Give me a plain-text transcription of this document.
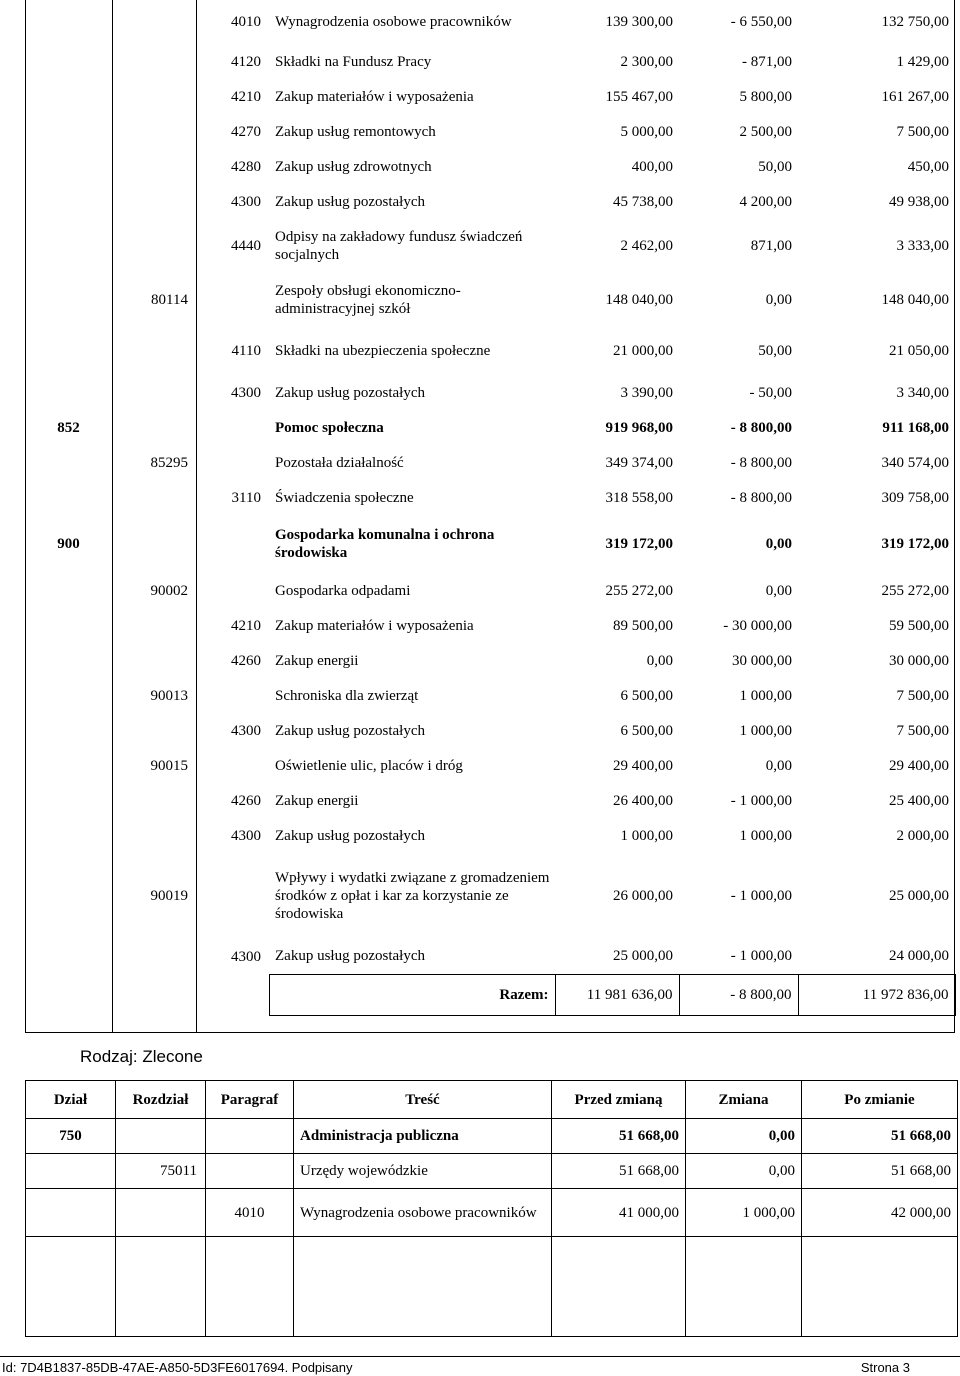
		4010	Wynagrodzenia osobowe pracowników	139 300,00	- 6 550,00	132 750,00
		4120	Składki na Fundusz Pracy	2 300,00	- 871,00	1 429,00
		4210	Zakup materiałów i wyposażenia	155 467,00	5 800,00	161 267,00
		4270	Zakup usług remontowych	5 000,00	2 500,00	7 500,00
		4280	Zakup usług zdrowotnych	400,00	50,00	450,00
		4300	Zakup usług pozostałych	45 738,00	4 200,00	49 938,00
		4440	Odpisy na zakładowy fundusz świadczeń socjalnych	2 462,00	871,00	3 333,00
	80114		Zespoły obsługi ekonomiczno-administracyjnej szkół	148 040,00	0,00	148 040,00
		4110	Składki na ubezpieczenia społeczne	21 000,00	50,00	21 050,00
		4300	Zakup usług pozostałych	3 390,00	- 50,00	3 340,00
852			Pomoc społeczna	919 968,00	- 8 800,00	911 168,00
	85295		Pozostała działalność	349 374,00	- 8 800,00	340 574,00
		3110	Świadczenia społeczne	318 558,00	- 8 800,00	309 758,00
900			Gospodarka komunalna i ochrona środowiska	319 172,00	0,00	319 172,00
	90002		Gospodarka odpadami	255 272,00	0,00	255 272,00
		4210	Zakup materiałów i wyposażenia	89 500,00	- 30 000,00	59 500,00
		4260	Zakup energii	0,00	30 000,00	30 000,00
	90013		Schroniska dla zwierząt	6 500,00	1 000,00	7 500,00
		4300	Zakup usług pozostałych	6 500,00	1 000,00	7 500,00
	90015		Oświetlenie ulic, placów i dróg	29 400,00	0,00	29 400,00
		4260	Zakup energii	26 400,00	- 1 000,00	25 400,00
		4300	Zakup usług pozostałych	1 000,00	1 000,00	2 000,00
	90019		Wpływy i wydatki związane z gromadzeniem środków z opłat i kar za korzystanie ze środowiska	26 000,00	- 1 000,00	25 000,00
		4300	Zakup usług pozostałych	25 000,00	- 1 000,00	24 000,00
			Razem:	11 981 636,00	- 8 800,00	11 972 836,00
Rodzaj: Zlecone
Dział	Rozdział	Paragraf	Treść	Przed zmianą	Zmiana	Po zmianie
750			Administracja publiczna	51 668,00	0,00	51 668,00
	75011		Urzędy wojewódzkie	51 668,00	0,00	51 668,00
		4010	Wynagrodzenia osobowe pracowników	41 000,00	1 000,00	42 000,00

Id: 7D4B1837-85DB-47AE-A850-5D3FE6017694. Podpisany	Strona 3
